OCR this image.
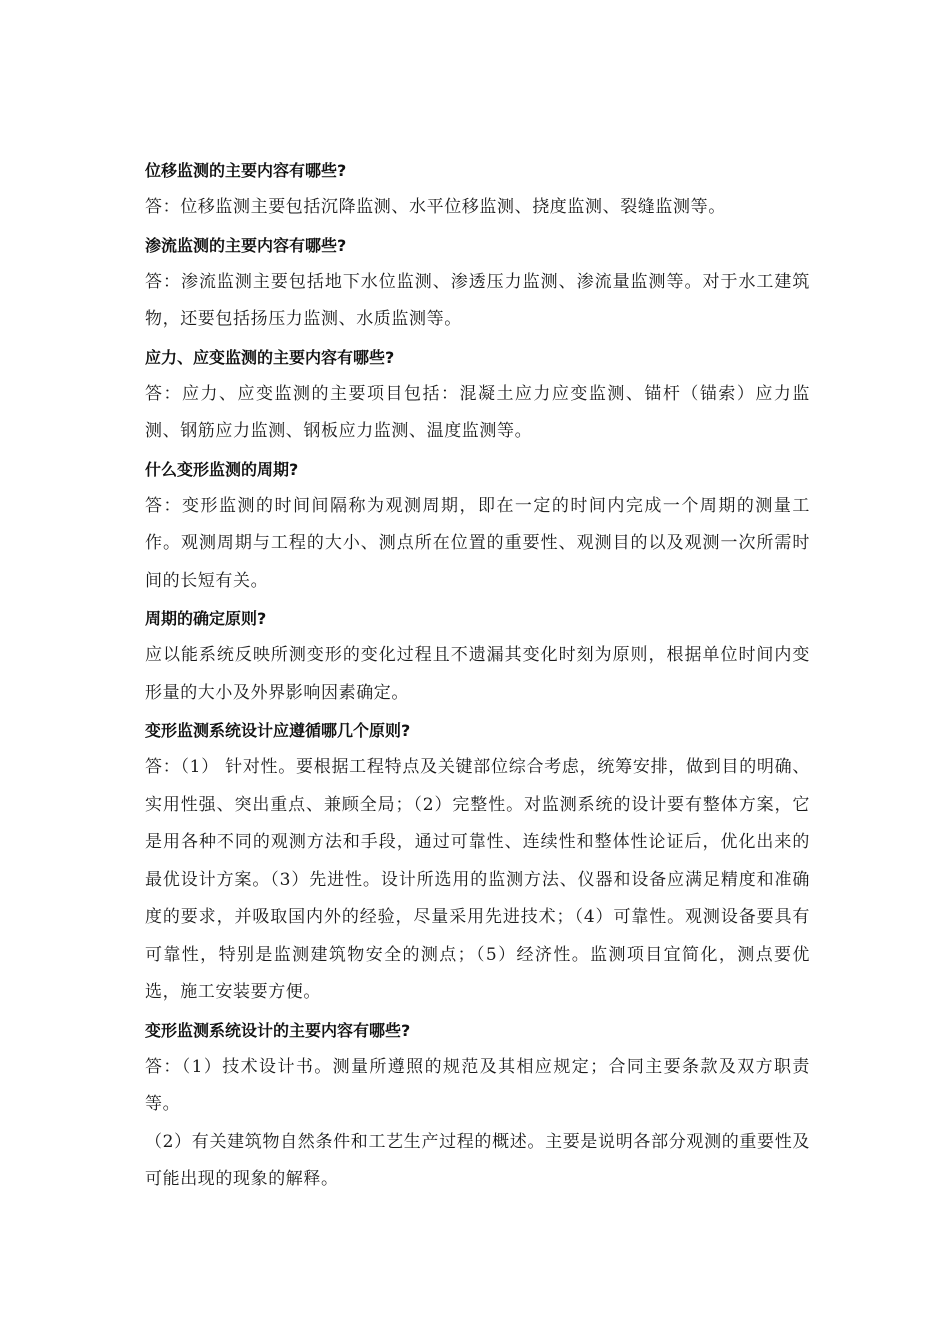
位移监测的主要内容有哪些?

答：位移监测主要包括沉降监测、水平位移监测、挠度监测、裂缝监测等。

渗流监测的主要内容有哪些?

答：渗流监测主要包括地下水位监测、渗透压力监测、渗流量监测等。对于水工建筑物，还要包括扬压力监测、水质监测等。

应力、应变监测的主要内容有哪些?

答：应力、应变监测的主要项目包括：混凝土应力应变监测、锚杆（锚索）应力监测、钢筋应力监测、钢板应力监测、温度监测等。

什么变形监测的周期?

答：变形监测的时间间隔称为观测周期，即在一定的时间内完成一个周期的测量工作。观测周期与工程的大小、测点所在位置的重要性、观测目的以及观测一次所需时间的长短有关。

周期的确定原则?

应以能系统反映所测变形的变化过程且不遗漏其变化时刻为原则，根据单位时间内变形量的大小及外界影响因素确定。

变形监测系统设计应遵循哪几个原则?

答：（1） 针对性。要根据工程特点及关键部位综合考虑，统筹安排，做到目的明确、实用性强、突出重点、兼顾全局；（2）完整性。对监测系统的设计要有整体方案，它是用各种不同的观测方法和手段，通过可靠性、连续性和整体性论证后，优化出来的最优设计方案。（3）先进性。设计所选用的监测方法、仪器和设备应满足精度和准确度的要求，并吸取国内外的经验，尽量采用先进技术；（4）可靠性。观测设备要具有可靠性，特别是监测建筑物安全的测点；（5）经济性。监测项目宜简化，测点要优选，施工安装要方便。

变形监测系统设计的主要内容有哪些?

答：（1）技术设计书。测量所遵照的规范及其相应规定；合同主要条款及双方职责等。

（2）有关建筑物自然条件和工艺生产过程的概述。主要是说明各部分观测的重要性及可能出现的现象的解释。
